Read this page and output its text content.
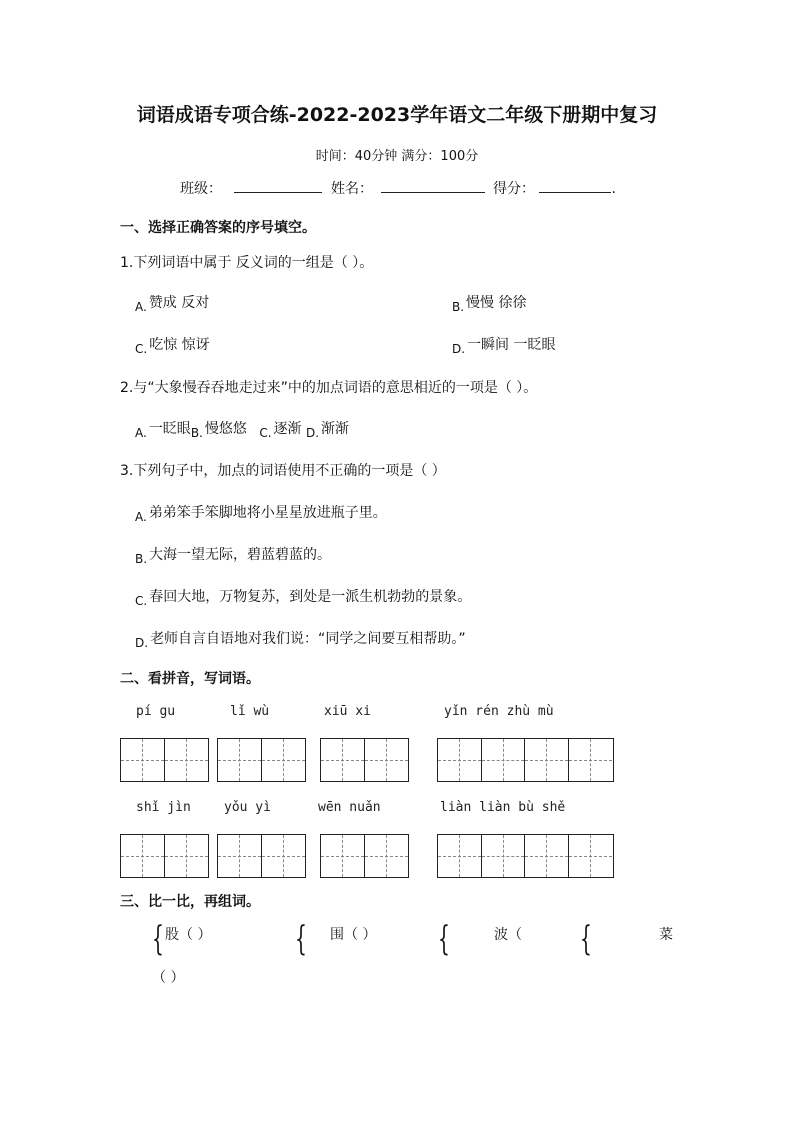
词语成语专项合练-2022-2023学年语文二年级下册期中复习
时间：40分钟 满分：100分
班级：	姓名：	得分：	.
一、选择正确答案的序号填空。
1.下列词语中属于 反义词的一组是（ ）。
A. 赞成 反对	B. 慢慢 徐徐
C. 吃惊 惊讶	D. 一瞬间 一眨眼
2.与“大象慢吞吞地走过来”中的加点词语的意思相近的一项是（ ）。
A. 一眨眼B. 慢悠悠 C. 逐渐 D. 渐渐
3.下列句子中，加点的词语使用不正确的一项是（ ）
A. 弟弟笨手笨脚地将小星星放进瓶子里。
B. 大海一望无际，碧蓝碧蓝的。
C. 春回大地，万物复苏，到处是一派生机勃勃的景象。
D. 老师自言自语地对我们说：“同学之间要互相帮助。”
二、看拼音，写词语。
pí gu	lǐ wù	xiū xi	yǐn rén zhù mù
shǐ jìn	yǒu yì	wēn nuǎn	liàn liàn bù shě
三、比一比，再组词。
{ 股（ ） { 围（ ） {	波（ {	菜
（ ）
